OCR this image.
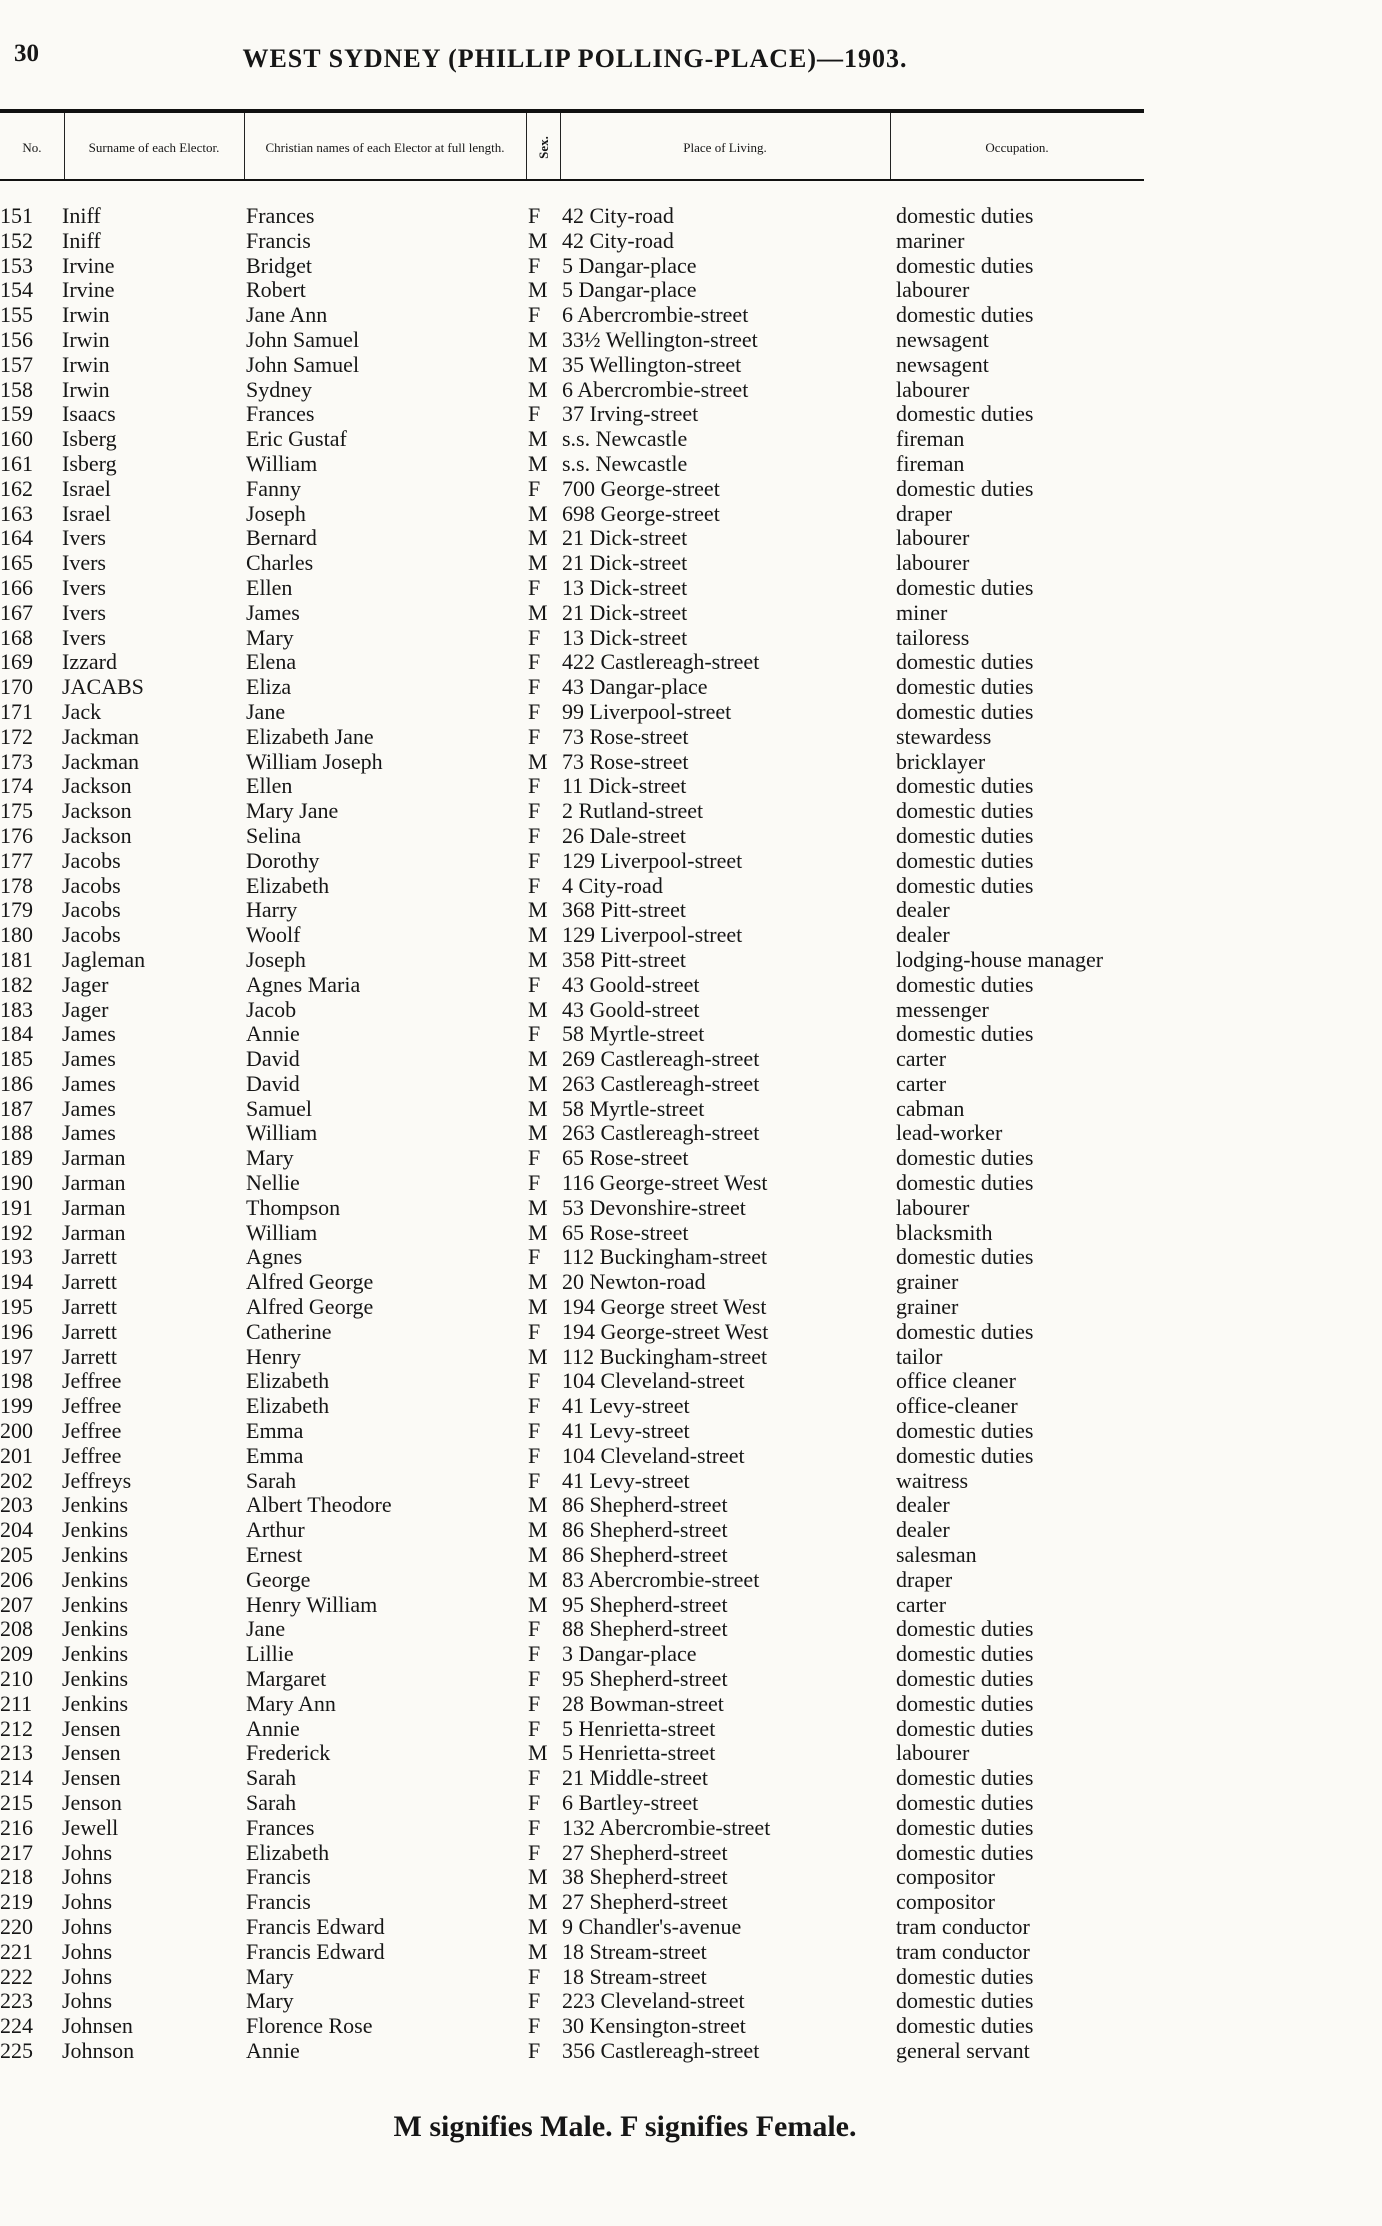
30	WEST SYDNEY (PHILLIP POLLING-PLACE)—1903.
No.	Surname of each Elector.	Christian names of each Elector at full length.	Sex.	Place of Living.	Occupation.
151 Iniff	Frances	F 42 City-road	domestic duties
152 Iniff	Francis	M 42 City-road	mariner
153 Irvine	Bridget	F 5 Dangar-place	domestic duties
154 Irvine	Robert	M 5 Dangar-place	labourer
155 Irwin	Jane Ann	F 6 Abercrombie-street	domestic duties
156 Irwin	John Samuel	M 33½ Wellington-street	newsagent
157 Irwin	John Samuel	M 35 Wellington-street	newsagent
158 Irwin	Sydney	M 6 Abercrombie-street	labourer
159 Isaacs	Frances	F 37 Irving-street	domestic duties
160 Isberg	Eric Gustaf	M s.s. Newcastle	fireman
161 Isberg	William	M s.s. Newcastle	fireman
162 Israel	Fanny	F 700 George-street	domestic duties
163 Israel	Joseph	M 698 George-street	draper
164 Ivers	Bernard	M 21 Dick-street	labourer
165 Ivers	Charles	M 21 Dick-street	labourer
166 Ivers	Ellen	F 13 Dick-street	domestic duties
167 Ivers	James	M 21 Dick-street	miner
168 Ivers	Mary	F 13 Dick-street	tailoress
169 Izzard	Elena	F 422 Castlereagh-street	domestic duties
170 JACABS	Eliza	F 43 Dangar-place	domestic duties
171 Jack	Jane	F 99 Liverpool-street	domestic duties
172 Jackman	Elizabeth Jane	F 73 Rose-street	stewardess
173 Jackman	William Joseph	M 73 Rose-street	bricklayer
174 Jackson	Ellen	F 11 Dick-street	domestic duties
175 Jackson	Mary Jane	F 2 Rutland-street	domestic duties
176 Jackson	Selina	F 26 Dale-street	domestic duties
177 Jacobs	Dorothy	F 129 Liverpool-street	domestic duties
178 Jacobs	Elizabeth	F 4 City-road	domestic duties
179 Jacobs	Harry	M 368 Pitt-street	dealer
180 Jacobs	Woolf	M 129 Liverpool-street	dealer
181 Jagleman	Joseph	M 358 Pitt-street	lodging-house manager
182 Jager	Agnes Maria	F 43 Goold-street	domestic duties
183 Jager	Jacob	M 43 Goold-street	messenger
184 James	Annie	F 58 Myrtle-street	domestic duties
185 James	David	M 269 Castlereagh-street	carter
186 James	David	M 263 Castlereagh-street	carter
187 James	Samuel	M 58 Myrtle-street	cabman
188 James	William	M 263 Castlereagh-street	lead-worker
189 Jarman	Mary	F 65 Rose-street	domestic duties
190 Jarman	Nellie	F 116 George-street West	domestic duties
191 Jarman	Thompson	M 53 Devonshire-street	labourer
192 Jarman	William	M 65 Rose-street	blacksmith
193 Jarrett	Agnes	F 112 Buckingham-street	domestic duties
194 Jarrett	Alfred George	M 20 Newton-road	grainer
195 Jarrett	Alfred George	M 194 George street West	grainer
196 Jarrett	Catherine	F 194 George-street West	domestic duties
197 Jarrett	Henry	M 112 Buckingham-street	tailor
198 Jeffree	Elizabeth	F 104 Cleveland-street	office cleaner
199 Jeffree	Elizabeth	F 41 Levy-street	office-cleaner
200 Jeffree	Emma	F 41 Levy-street	domestic duties
201 Jeffree	Emma	F 104 Cleveland-street	domestic duties
202 Jeffreys	Sarah	F 41 Levy-street	waitress
203 Jenkins	Albert Theodore	M 86 Shepherd-street	dealer
204 Jenkins	Arthur	M 86 Shepherd-street	dealer
205 Jenkins	Ernest	M 86 Shepherd-street	salesman
206 Jenkins	George	M 83 Abercrombie-street	draper
207 Jenkins	Henry William	M 95 Shepherd-street	carter
208 Jenkins	Jane	F 88 Shepherd-street	domestic duties
209 Jenkins	Lillie	F 3 Dangar-place	domestic duties
210 Jenkins	Margaret	F 95 Shepherd-street	domestic duties
211 Jenkins	Mary Ann	F 28 Bowman-street	domestic duties
212 Jensen	Annie	F 5 Henrietta-street	domestic duties
213 Jensen	Frederick	M 5 Henrietta-street	labourer
214 Jensen	Sarah	F 21 Middle-street	domestic duties
215 Jenson	Sarah	F 6 Bartley-street	domestic duties
216 Jewell	Frances	F 132 Abercrombie-street	domestic duties
217 Johns	Elizabeth	F 27 Shepherd-street	domestic duties
218 Johns	Francis	M 38 Shepherd-street	compositor
219 Johns	Francis	M 27 Shepherd-street	compositor
220 Johns	Francis Edward	M 9 Chandler's-avenue	tram conductor
221 Johns	Francis Edward	M 18 Stream-street	tram conductor
222 Johns	Mary	F 18 Stream-street	domestic duties
223 Johns	Mary	F 223 Cleveland-street	domestic duties
224 Johnsen	Florence Rose	F 30 Kensington-street	domestic duties
225 Johnson	Annie	F 356 Castlereagh-street	general servant
M signifies Male. F signifies Female.
